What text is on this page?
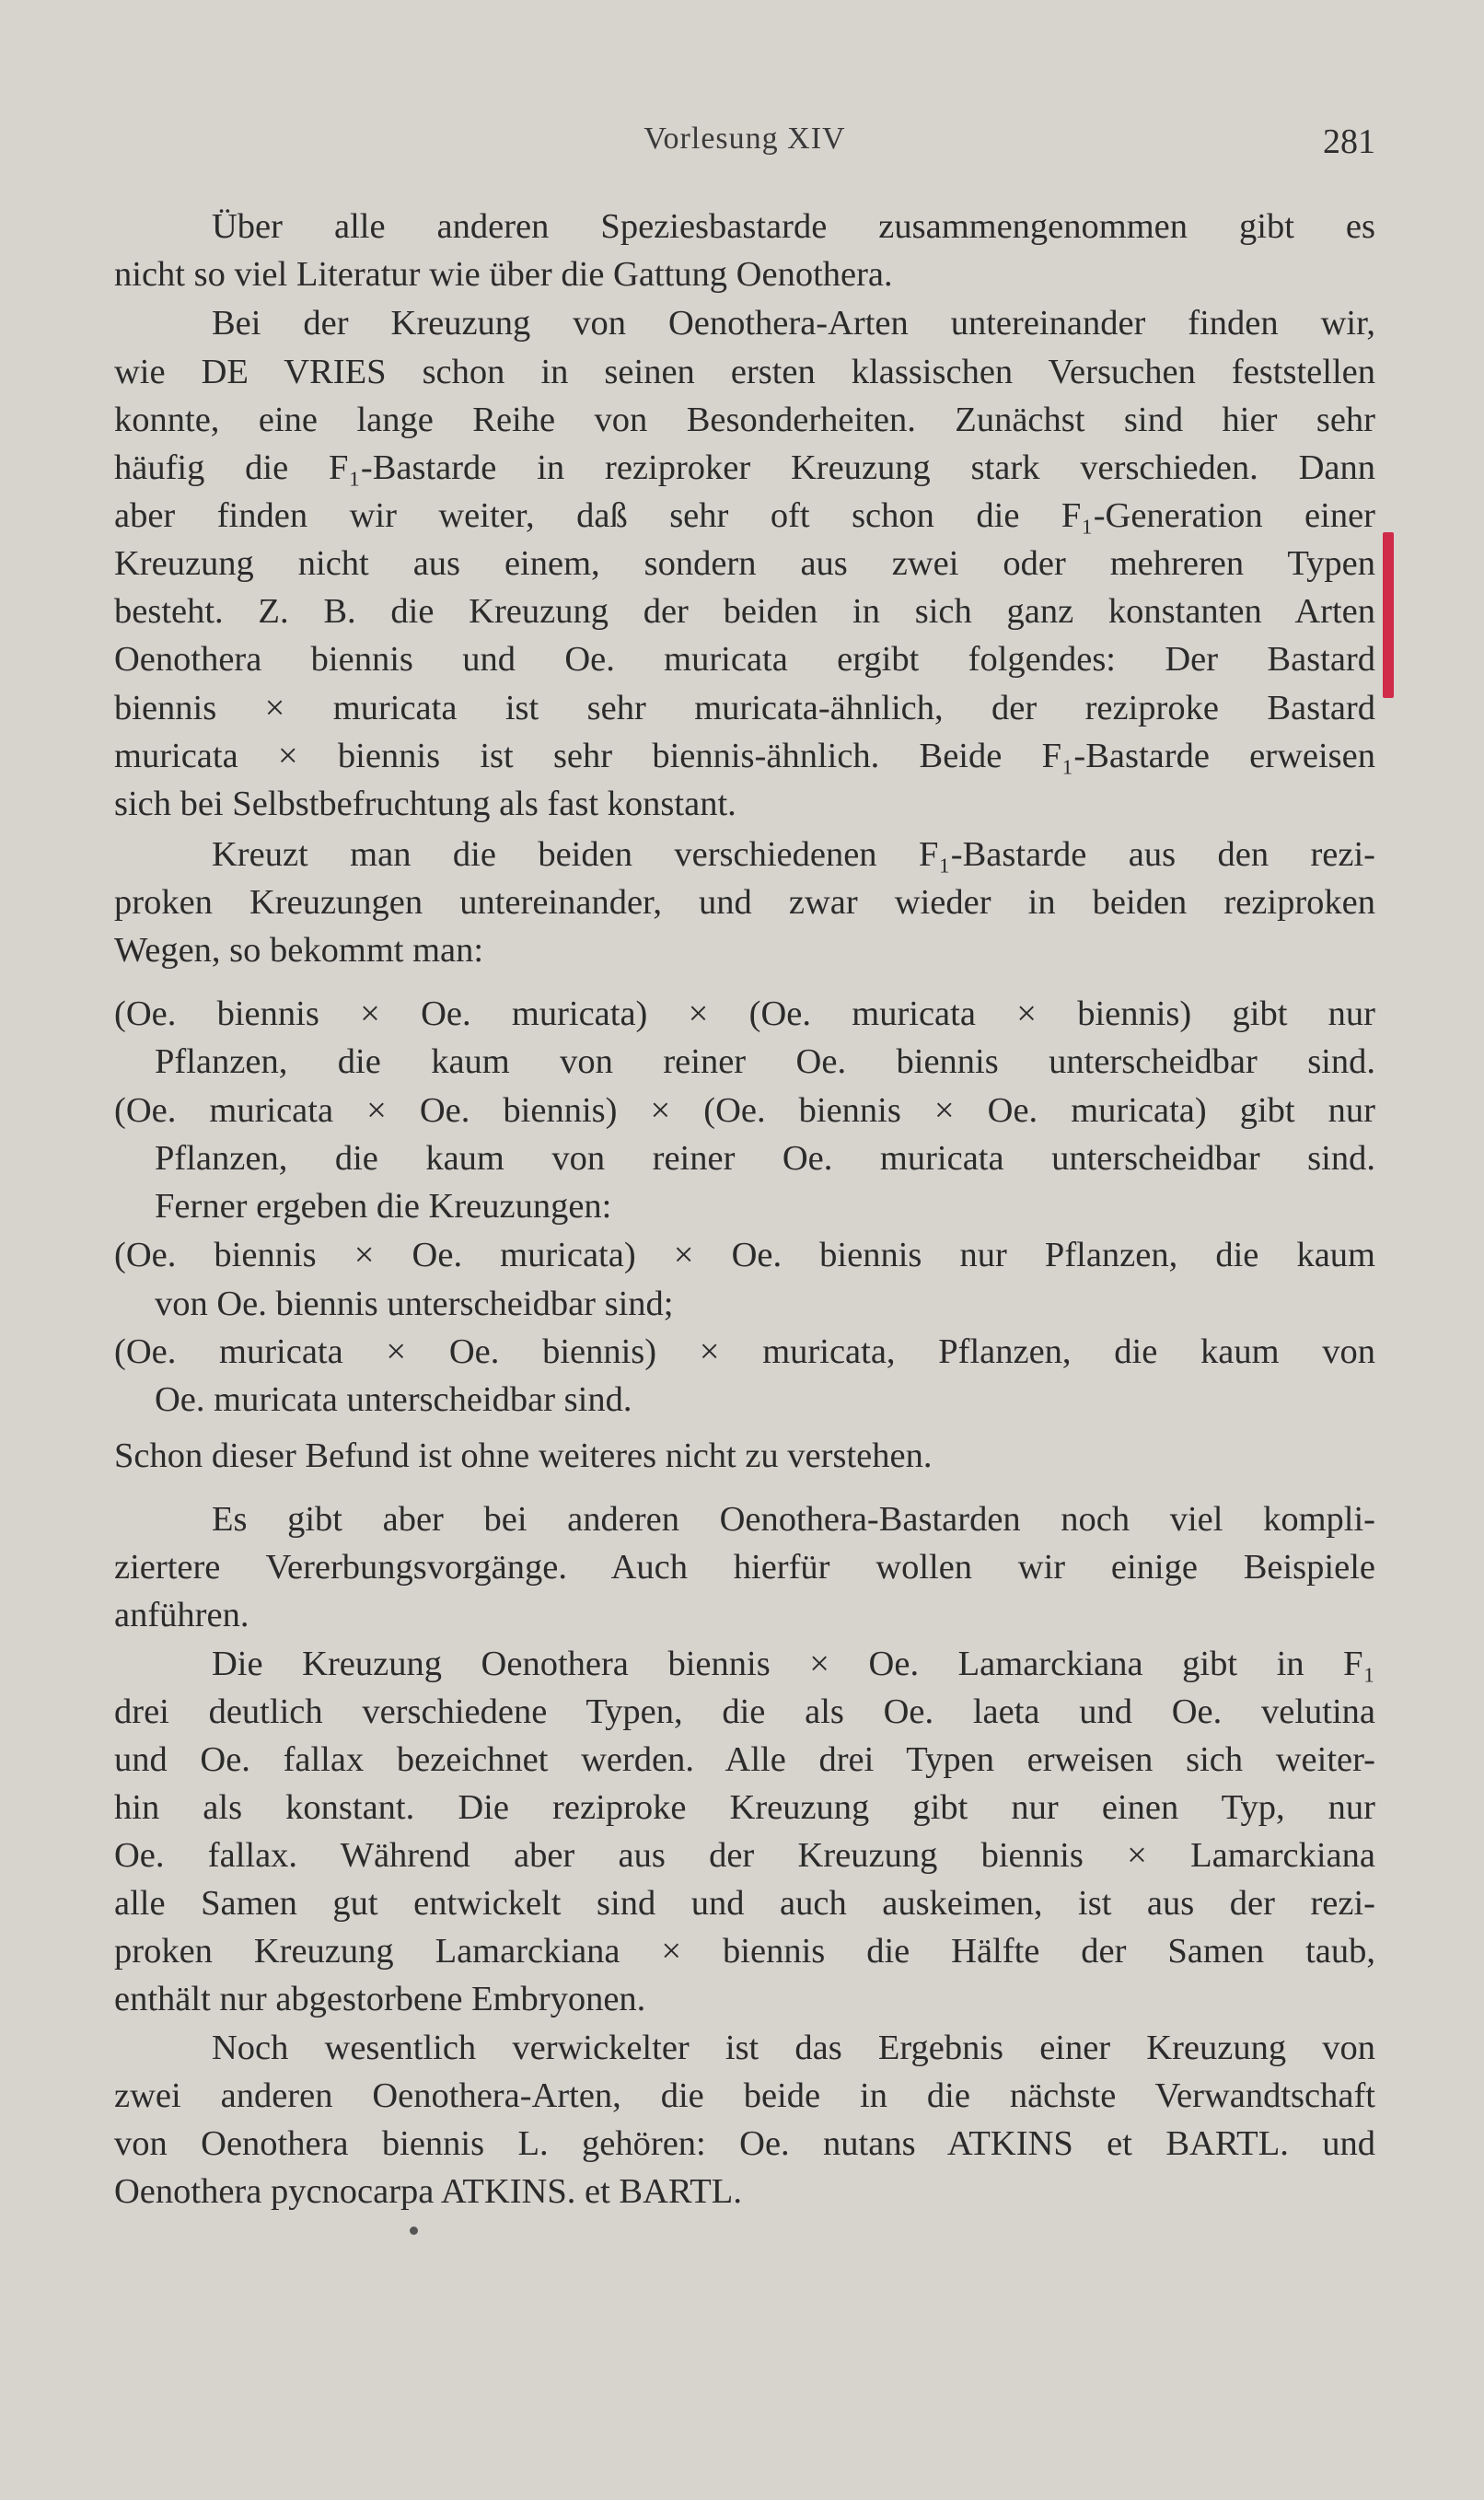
Vorlesung XIV	281
Über alle anderen Speziesbastarde zusammengenommen gibt es
nicht so viel Literatur wie über die Gattung Oenothera.
Bei der Kreuzung von Oenothera-Arten untereinander finden wir,
wie DE VRIES schon in seinen ersten klassischen Versuchen feststellen
konnte, eine lange Reihe von Besonderheiten. Zunächst sind hier sehr
häufig die F₁-Bastarde in reziproker Kreuzung stark verschieden. Dann
aber finden wir weiter, daß sehr oft schon die F₁-Generation einer
Kreuzung nicht aus einem, sondern aus zwei oder mehreren Typen
besteht. Z. B. die Kreuzung der beiden in sich ganz konstanten Arten
Oenothera biennis und Oe. muricata ergibt folgendes: Der Bastard
biennis × muricata ist sehr muricata-ähnlich, der reziproke Bastard
muricata × biennis ist sehr biennis-ähnlich. Beide F₁-Bastarde erweisen
sich bei Selbstbefruchtung als fast konstant.
Kreuzt man die beiden verschiedenen F₁-Bastarde aus den rezi-
proken Kreuzungen untereinander, und zwar wieder in beiden reziproken
Wegen, so bekommt man:
(Oe. biennis × Oe. muricata) × (Oe. muricata × biennis) gibt nur
Pflanzen, die kaum von reiner Oe. biennis unterscheidbar sind.
(Oe. muricata × Oe. biennis) × (Oe. biennis × Oe. muricata) gibt nur
Pflanzen, die kaum von reiner Oe. muricata unterscheidbar sind.
Ferner ergeben die Kreuzungen:
(Oe. biennis × Oe. muricata) × Oe. biennis nur Pflanzen, die kaum
von Oe. biennis unterscheidbar sind;
(Oe. muricata × Oe. biennis) × muricata, Pflanzen, die kaum von
Oe. muricata unterscheidbar sind.
Schon dieser Befund ist ohne weiteres nicht zu verstehen.
Es gibt aber bei anderen Oenothera-Bastarden noch viel kompli-
ziertere Vererbungsvorgänge. Auch hierfür wollen wir einige Beispiele
anführen.
Die Kreuzung Oenothera biennis × Oe. Lamarckiana gibt in F₁
drei deutlich verschiedene Typen, die als Oe. laeta und Oe. velutina
und Oe. fallax bezeichnet werden. Alle drei Typen erweisen sich weiter-
hin als konstant. Die reziproke Kreuzung gibt nur einen Typ, nur
Oe. fallax. Während aber aus der Kreuzung biennis × Lamarckiana
alle Samen gut entwickelt sind und auch auskeimen, ist aus der rezi-
proken Kreuzung Lamarckiana × biennis die Hälfte der Samen taub,
enthält nur abgestorbene Embryonen.
Noch wesentlich verwickelter ist das Ergebnis einer Kreuzung von
zwei anderen Oenothera-Arten, die beide in die nächste Verwandtschaft
von Oenothera biennis L. gehören: Oe. nutans ATKINS et BARTL. und
Oenothera pycnocarpa ATKINS. et BARTL.
